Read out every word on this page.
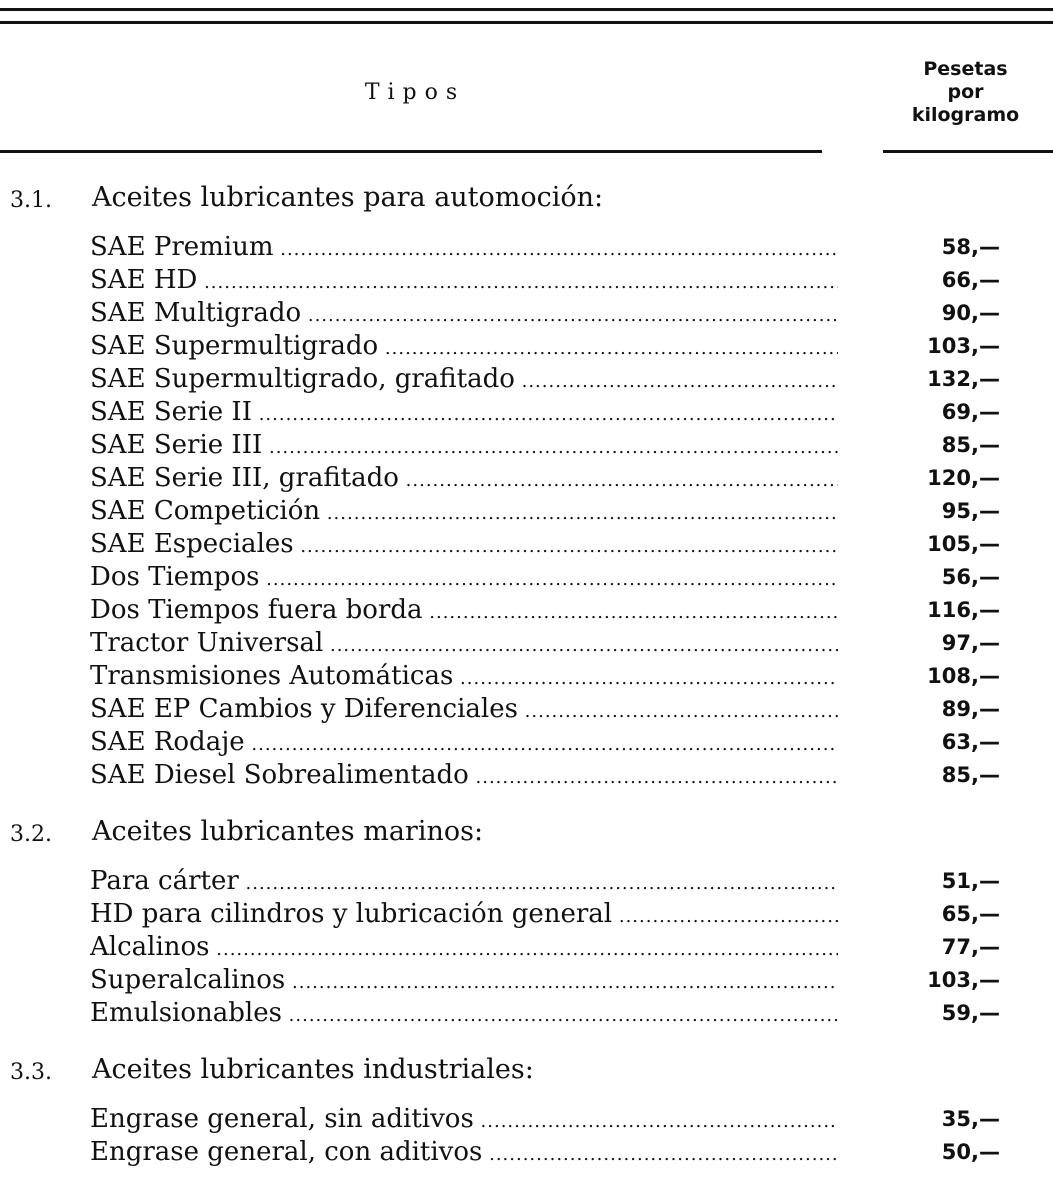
Tipos
Pesetas
por
kilogramo
3.1. Aceites lubricantes para automoción:
SAE Premium .....	58,—
SAE HD .....	66,—
SAE Multigrado .....	90,—
SAE Supermultigrado .....	103,—
SAE Supermultigrado, grafitado .....	132,—
SAE Serie II .....	69,—
SAE Serie III .....	85,—
SAE Serie III, grafitado .....	120,—
SAE Competición .....	95,—
SAE Especiales .....	105,—
Dos Tiempos .....	56,—
Dos Tiempos fuera borda .....	116,—
Tractor Universal .....	97,—
Transmisiones Automáticas .....	108,—
SAE EP Cambios y Diferenciales .....	89,—
SAE Rodaje .....	63,—
SAE Diesel Sobrealimentado .....	85,—
3.2. Aceites lubricantes marinos:
Para cárter .....	51,—
HD para cilindros y lubricación general .....	65,—
Alcalinos .....	77,—
Superalcalinos .....	103,—
Emulsionables .....	59,—
3.3. Aceites lubricantes industriales:
Engrase general, sin aditivos .....	35,—
Engrase general, con aditivos .....	50,—
